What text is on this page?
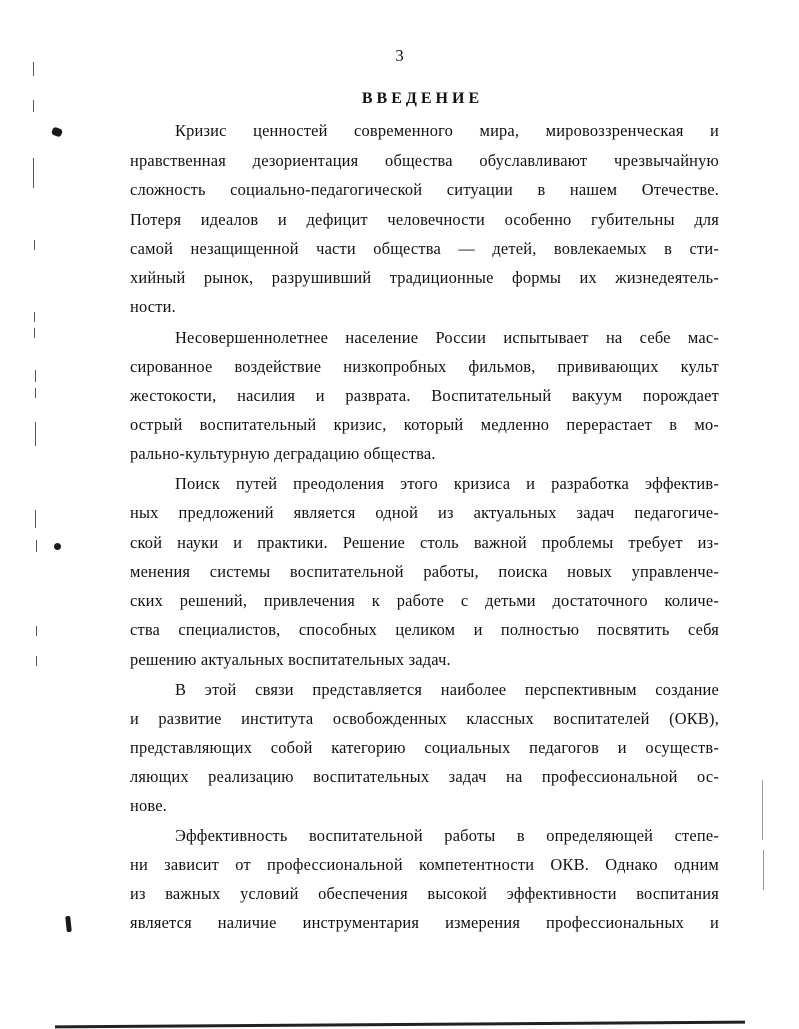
3
ВВЕДЕНИЕ
Кризис ценностей современного мира, мировоззренческая и
нравственная дезориентация общества обуславливают чрезвычайную
сложность социально-педагогической ситуации в нашем Отечестве.
Потеря идеалов и дефицит человечности особенно губительны для
самой незащищенной части общества — детей, вовлекаемых в сти-
хийный рынок, разрушивший традиционные формы их жизнедеятель-
ности.
Несовершеннолетнее население России испытывает на себе мас-
сированное воздействие низкопробных фильмов, прививающих культ
жестокости, насилия и разврата. Воспитательный вакуум порождает
острый воспитательный кризис, который медленно перерастает в мо-
рально-культурную деградацию общества.
Поиск путей преодоления этого кризиса и разработка эффектив-
ных предложений является одной из актуальных задач педагогиче-
ской науки и практики. Решение столь важной проблемы требует из-
менения системы воспитательной работы, поиска новых управленче-
ских решений, привлечения к работе с детьми достаточного количе-
ства специалистов, способных целиком и полностью посвятить себя
решению актуальных воспитательных задач.
В этой связи представляется наиболее перспективным создание
и развитие института освобожденных классных воспитателей (ОКВ),
представляющих собой категорию социальных педагогов и осуществ-
ляющих реализацию воспитательных задач на профессиональной ос-
нове.
Эффективность воспитательной работы в определяющей степе-
ни зависит от профессиональной компетентности ОКВ. Однако одним
из важных условий обеспечения высокой эффективности воспитания
является наличие инструментария измерения профессиональных и
